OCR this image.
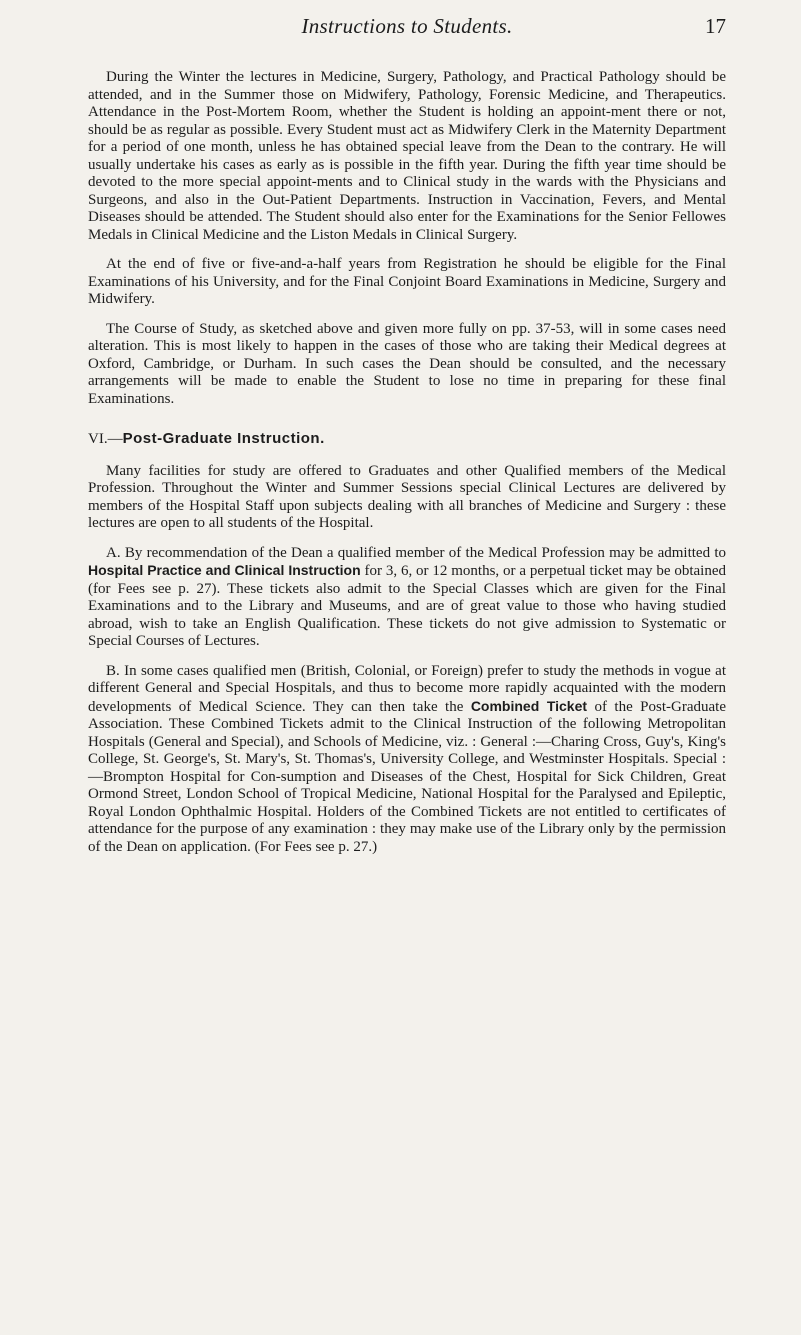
Instructions to Students.	17

During the Winter the lectures in Medicine, Surgery, Pathology, and Practical Pathology should be attended, and in the Summer those on Midwifery, Pathology, Forensic Medicine, and Therapeutics. Attendance in the Post-Mortem Room, whether the Student is holding an appoint-ment there or not, should be as regular as possible. Every Student must act as Midwifery Clerk in the Maternity Department for a period of one month, unless he has obtained special leave from the Dean to the contrary. He will usually undertake his cases as early as is possible in the fifth year. During the fifth year time should be devoted to the more special appoint-ments and to Clinical study in the wards with the Physicians and Surgeons, and also in the Out-Patient Departments. Instruction in Vaccination, Fevers, and Mental Diseases should be attended. The Student should also enter for the Examinations for the Senior Fellowes Medals in Clinical Medicine and the Liston Medals in Clinical Surgery.

At the end of five or five-and-a-half years from Registration he should be eligible for the Final Examinations of his University, and for the Final Conjoint Board Examinations in Medicine, Surgery and Midwifery.

The Course of Study, as sketched above and given more fully on pp. 37-53, will in some cases need alteration. This is most likely to happen in the cases of those who are taking their Medical degrees at Oxford, Cambridge, or Durham. In such cases the Dean should be consulted, and the necessary arrangements will be made to enable the Student to lose no time in preparing for these final Examinations.

VI.—Post-Graduate Instruction.

Many facilities for study are offered to Graduates and other Qualified members of the Medical Profession. Throughout the Winter and Summer Sessions special Clinical Lectures are delivered by members of the Hospital Staff upon subjects dealing with all branches of Medicine and Surgery : these lectures are open to all students of the Hospital.

A. By recommendation of the Dean a qualified member of the Medical Profession may be admitted to Hospital Practice and Clinical Instruction for 3, 6, or 12 months, or a perpetual ticket may be obtained (for Fees see p. 27). These tickets also admit to the Special Classes which are given for the Final Examinations and to the Library and Museums, and are of great value to those who having studied abroad, wish to take an English Qualification. These tickets do not give admission to Systematic or Special Courses of Lectures.

B. In some cases qualified men (British, Colonial, or Foreign) prefer to study the methods in vogue at different General and Special Hospitals, and thus to become more rapidly acquainted with the modern developments of Medical Science. They can then take the Combined Ticket of the Post-Graduate Association. These Combined Tickets admit to the Clinical Instruction of the following Metropolitan Hospitals (General and Special), and Schools of Medicine, viz. : General :—Charing Cross, Guy's, King's College, St. George's, St. Mary's, St. Thomas's, University College, and Westminster Hospitals. Special :—Brompton Hospital for Con-sumption and Diseases of the Chest, Hospital for Sick Children, Great Ormond Street, London School of Tropical Medicine, National Hospital for the Paralysed and Epileptic, Royal London Ophthalmic Hospital. Holders of the Combined Tickets are not entitled to certificates of attendance for the purpose of any examination : they may make use of the Library only by the permission of the Dean on application. (For Fees see p. 27.)
